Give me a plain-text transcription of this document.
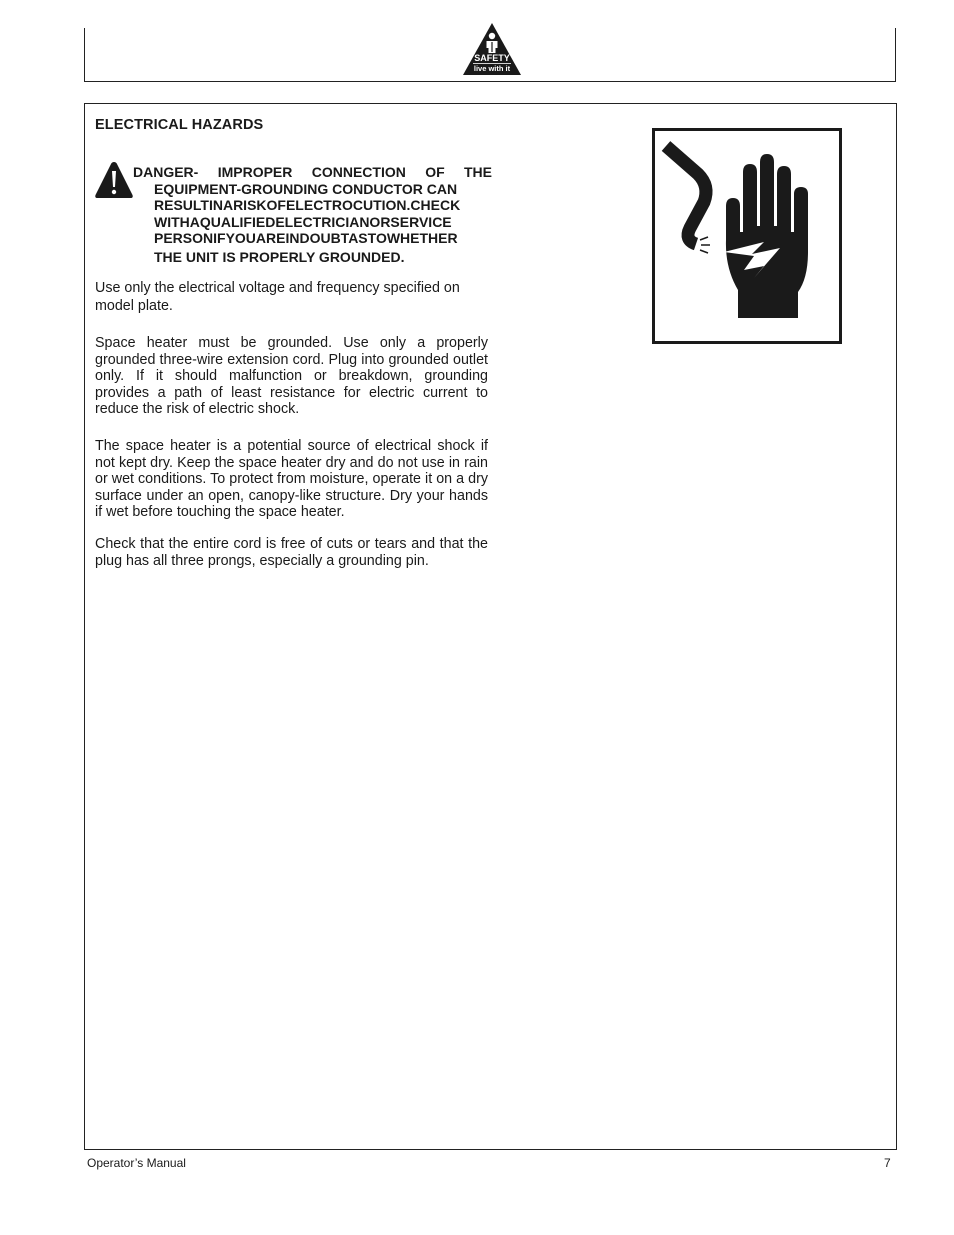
SAFETY
live with it
ELECTRICAL HAZARDS
DANGER- IMPROPER CONNECTION OF THE
EQUIPMENT-GROUNDING CONDUCTOR CAN
RESULTINARISKOFELECTROCUTION.CHECK
WITHAQUALIFIEDELECTRICIANORSERVICE
PERSONIFYOUAREINDOUBTASTOWHETHER
THE UNIT IS PROPERLY GROUNDED.

Use only the electrical voltage and frequency specified on model plate.

Space heater must be grounded. Use only a properly grounded three-wire extension cord. Plug into grounded outlet only. If it should malfunction or breakdown, grounding provides a path of least resistance for electric current to reduce the risk of electric shock.

The space heater is a potential source of electrical shock if not kept dry. Keep the space heater dry and do not use in rain or wet conditions. To protect from moisture, operate it on a dry surface under an open, canopy-like structure. Dry your hands if wet before touching the space heater.

Check that the entire cord is free of cuts or tears and that the plug has all three prongs, especially a grounding pin.

Operator’s Manual	7
